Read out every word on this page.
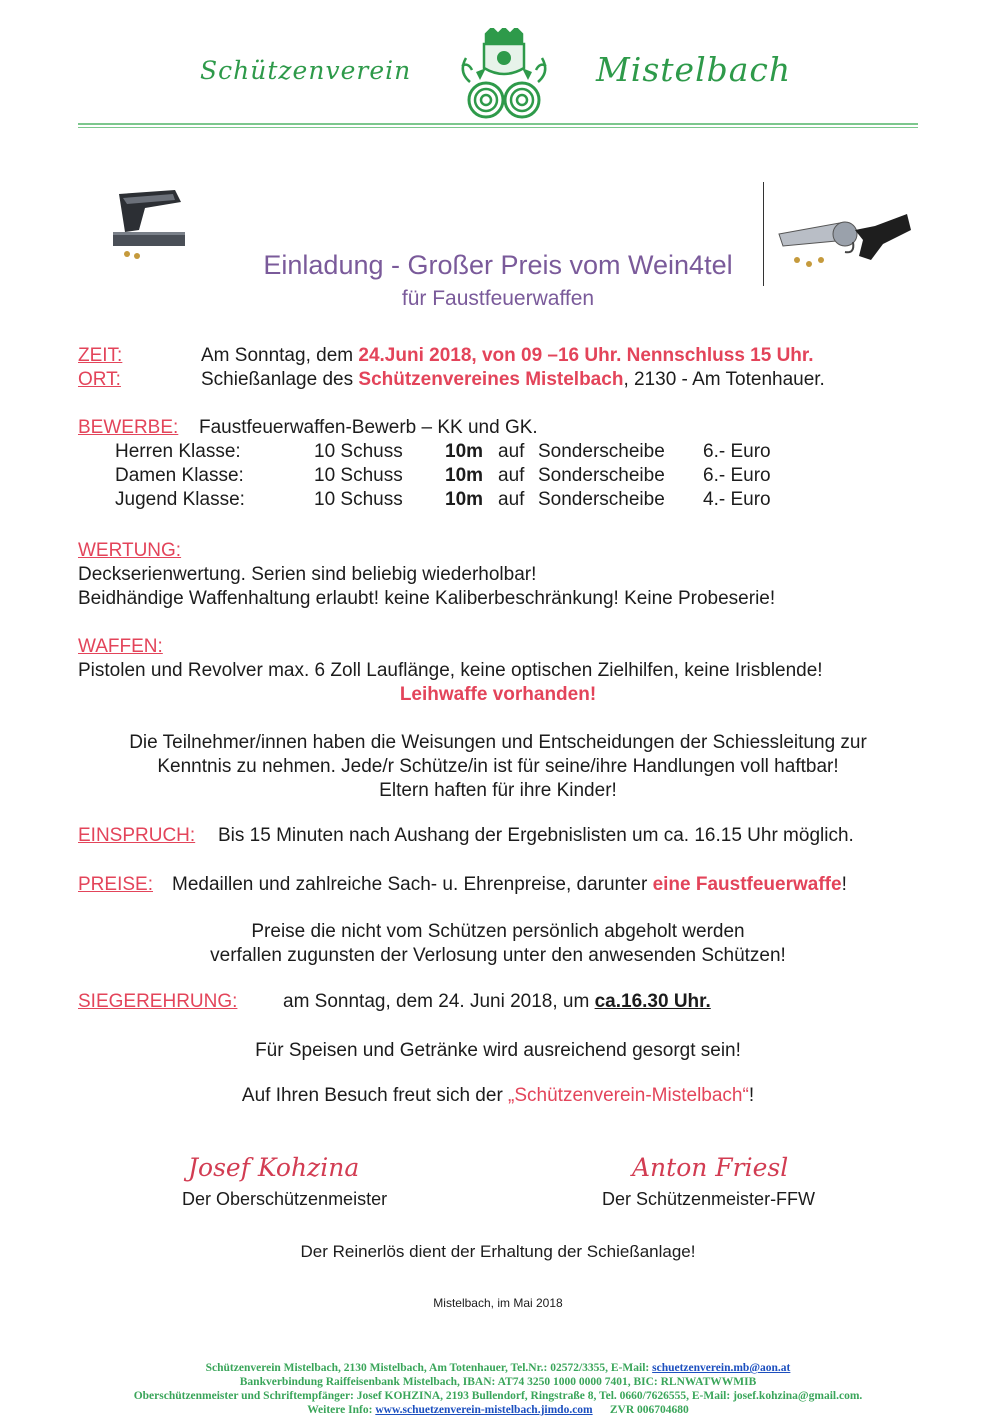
Schützenverein	Mistelbach
Einladung - Großer Preis vom Wein4tel
für Faustfeuerwaffen
ZEIT:	Am Sonntag, dem 24.Juni 2018, von 09 –16 Uhr. Nennschluss 15 Uhr.
ORT:	Schießanlage des Schützenvereines Mistelbach, 2130 - Am Totenhauer.
BEWERBE: Faustfeuerwaffen-Bewerb – KK und GK.
Herren Klasse:	10 Schuss	10m	auf	Sonderscheibe	6.- Euro
Damen Klasse:	10 Schuss	10m	auf	Sonderscheibe	6.- Euro
Jugend Klasse:	10 Schuss	10m	auf	Sonderscheibe	4.- Euro
WERTUNG:
Deckserienwertung. Serien sind beliebig wiederholbar!
Beidhändige Waffenhaltung erlaubt! keine Kaliberbeschränkung! Keine Probeserie!
WAFFEN:
Pistolen und Revolver max. 6 Zoll Lauflänge, keine optischen Zielhilfen, keine Irisblende!
Leihwaffe vorhanden!
Die Teilnehmer/innen haben die Weisungen und Entscheidungen der Schiessleitung zur
Kenntnis zu nehmen. Jede/r Schütze/in ist für seine/ihre Handlungen voll haftbar!
Eltern haften für ihre Kinder!
EINSPRUCH: Bis 15 Minuten nach Aushang der Ergebnislisten um ca. 16.15 Uhr möglich.
PREISE: Medaillen und zahlreiche Sach- u. Ehrenpreise, darunter eine Faustfeuerwaffe!
Preise die nicht vom Schützen persönlich abgeholt werden
verfallen zugunsten der Verlosung unter den anwesenden Schützen!
SIEGEREHRUNG: am Sonntag, dem 24. Juni 2018, um ca.16.30 Uhr.
Für Speisen und Getränke wird ausreichend gesorgt sein!
Auf Ihren Besuch freut sich der „Schützenverein-Mistelbach“!
Josef Kohzina
Der Oberschützenmeister
Anton Friesl
Der Schützenmeister-FFW
Der Reinerlös dient der Erhaltung der Schießanlage!
Mistelbach, im Mai 2018
Schützenverein Mistelbach, 2130 Mistelbach, Am Totenhauer, Tel.Nr.: 02572/3355, E-Mail: schuetzenverein.mb@aon.at
Bankverbindung Raiffeisenbank Mistelbach, IBAN: AT74 3250 1000 0000 7401, BIC: RLNWATWWMIB
Oberschützenmeister und Schriftempfänger: Josef KOHZINA, 2193 Bullendorf, Ringstraße 8, Tel. 0660/7626555, E-Mail: josef.kohzina@gmail.com.
Weitere Info: www.schuetzenverein-mistelbach.jimdo.com      ZVR 006704680
